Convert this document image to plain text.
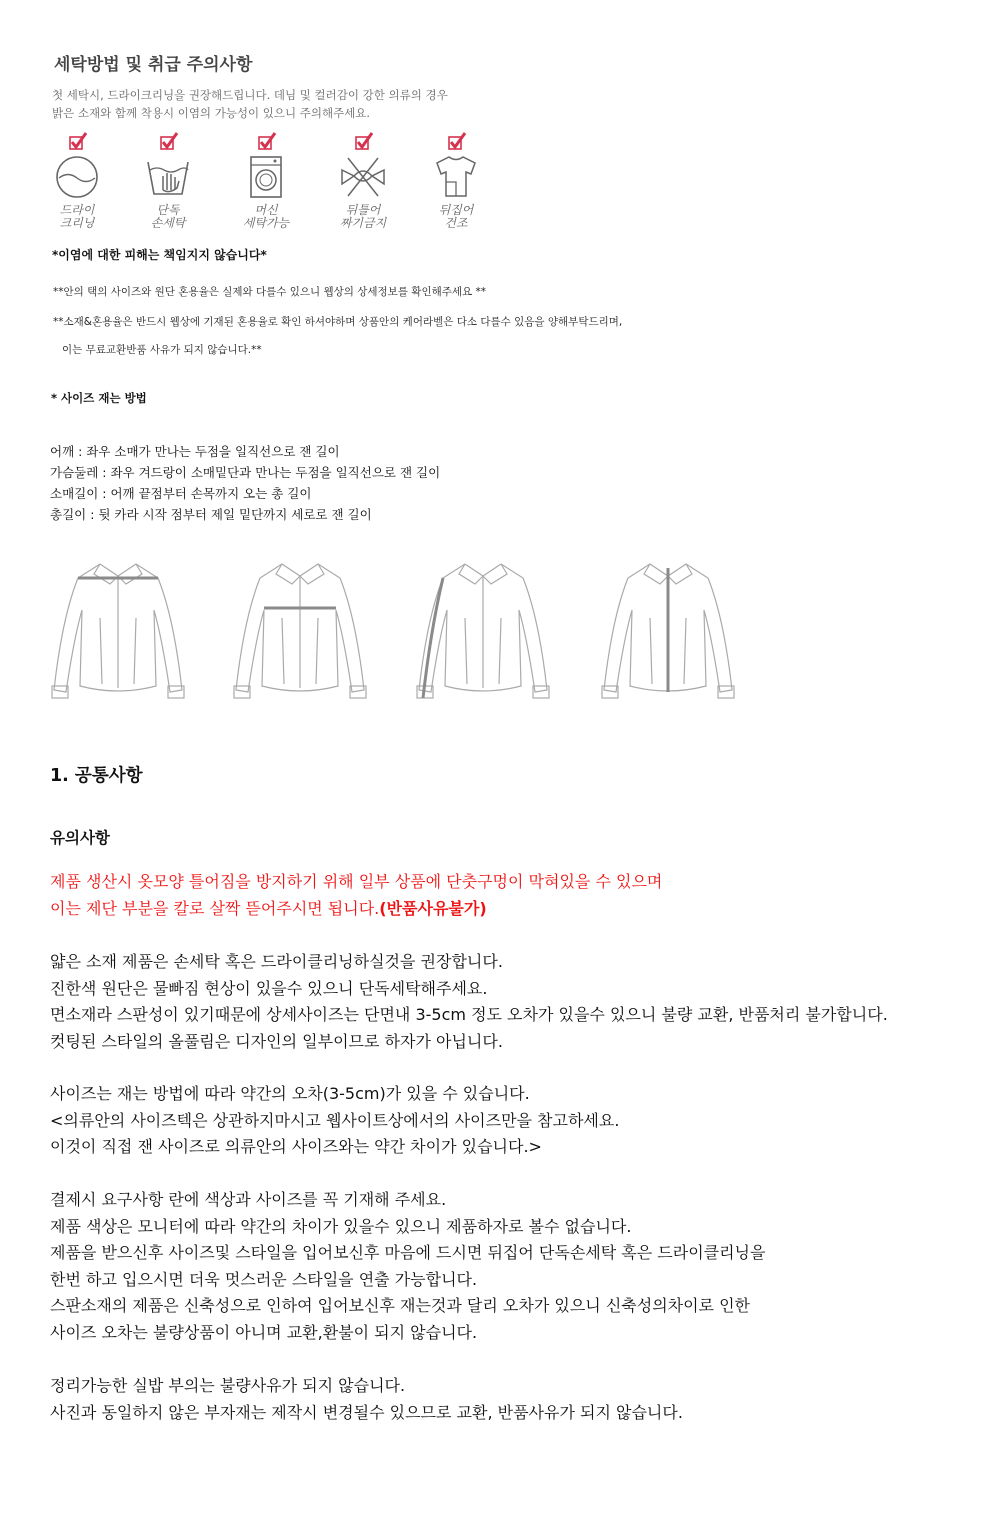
세탁방법 및 취급 주의사항
첫 세탁시, 드라이크리닝을 권장해드립니다. 데님 및 컬러감이 강한 의류의 경우
밝은 소재와 함께 착용시 이염의 가능성이 있으니 주의해주세요.
드라이
크리닝
단독
손세탁
머신
세탁가능
뒤틀어
짜기금지
뒤집어
건조
*이염에 대한 피해는 책임지지 않습니다*
**안의 택의 사이즈와 원단 혼용율은 실제와 다를수 있으니 웹상의 상세정보를 확인해주세요 **
**소재&혼용율은 반드시 웹상에 기재된 혼용율로 확인 하셔야하며 상품안의 케어라벨은 다소 다를수 있음을 양해부탁드리며,
이는 무료교환반품 사유가 되지 않습니다.**
* 사이즈 재는 방법
어깨 : 좌우 소매가 만나는 두점을 일직선으로 잰 길이
가슴둘레 : 좌우 겨드랑이 소매밑단과 만나는 두점을 일직선으로 잰 길이
소매길이 : 어깨 끝점부터 손목까지 오는 총 길이
총길이 : 뒷 카라 시작 점부터 제일 밑단까지 세로로 잰 길이
1. 공통사항
유의사항
제품 생산시 옷모양 틀어짐을 방지하기 위해 일부 상품에 단춧구멍이 막혀있을 수 있으며
이는 제단 부분을 칼로 살짝 뜯어주시면 됩니다.(반품사유불가)
얇은 소재 제품은 손세탁 혹은 드라이클리닝하실것을 권장합니다.
진한색 원단은 물빠짐 현상이 있을수 있으니 단독세탁해주세요.
면소재라 스판성이 있기때문에 상세사이즈는 단면내 3-5cm 정도 오차가 있을수 있으니 불량 교환, 반품처리 불가합니다.
컷팅된 스타일의 올풀림은 디자인의 일부이므로 하자가 아닙니다.
사이즈는 재는 방법에 따라 약간의 오차(3-5cm)가 있을 수 있습니다.
<의류안의 사이즈텍은 상관하지마시고 웹사이트상에서의 사이즈만을 참고하세요.
이것이 직접 잰 사이즈로 의류안의 사이즈와는 약간 차이가 있습니다.>
결제시 요구사항 란에 색상과 사이즈를 꼭 기재해 주세요.
제품 색상은 모니터에 따라 약간의 차이가 있을수 있으니 제품하자로 볼수 없습니다.
제품을 받으신후 사이즈및 스타일을 입어보신후 마음에 드시면 뒤집어 단독손세탁 혹은 드라이클리닝을
한번 하고 입으시면 더욱 멋스러운 스타일을 연출 가능합니다.
스판소재의 제품은 신축성으로 인하여 입어보신후 재는것과 달리 오차가 있으니 신축성의차이로 인한
사이즈 오차는 불량상품이 아니며 교환,환불이 되지 않습니다.
정리가능한 실밥 부의는 불량사유가 되지 않습니다.
사진과 동일하지 않은 부자재는 제작시 변경될수 있으므로 교환, 반품사유가 되지 않습니다.
